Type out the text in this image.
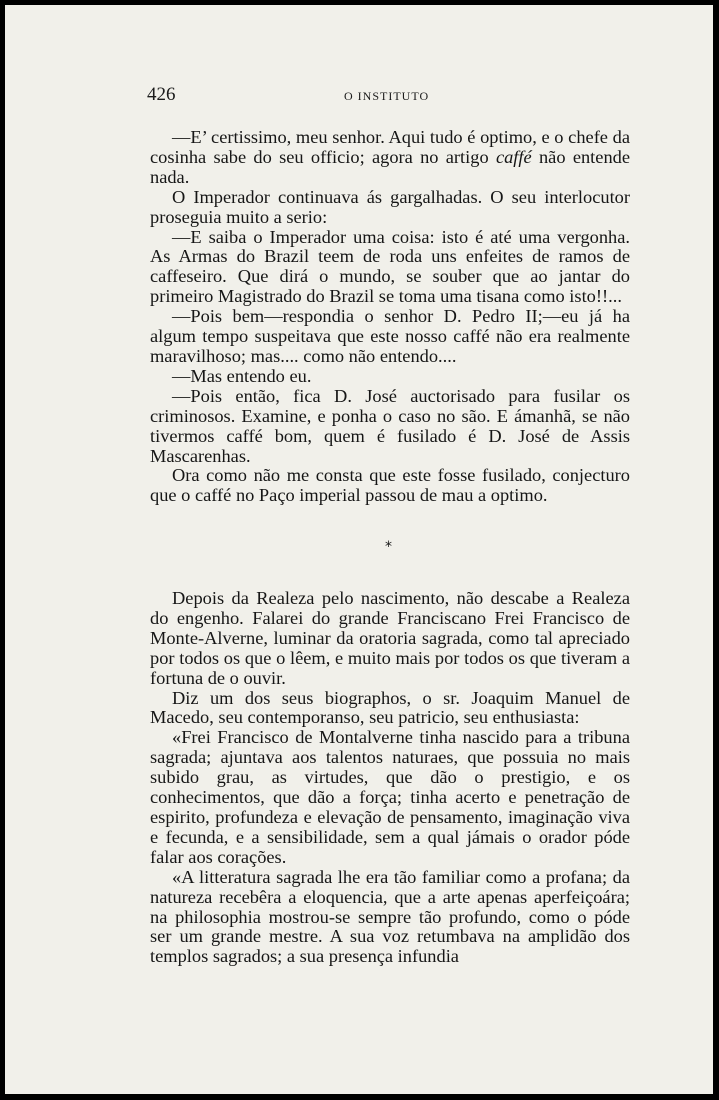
426	O INSTITUTO

—E’ certissimo, meu senhor. Aqui tudo é optimo, e o chefe da cosinha sabe do seu officio; agora no artigo caffé não entende nada.

O Imperador continuava ás gargalhadas. O seu interlocutor proseguia muito a serio:

—E saiba o Imperador uma coisa: isto é até uma vergonha. As Armas do Brazil teem de roda uns enfeites de ramos de caffeseiro. Que dirá o mundo, se souber que ao jantar do primeiro Magistrado do Brazil se toma uma tisana como isto!!...

—Pois bem—respondia o senhor D. Pedro II;—eu já ha algum tempo suspeitava que este nosso caffé não era realmente maravilhoso; mas.... como não entendo....

—Mas entendo eu.

—Pois então, fica D. José auctorisado para fusilar os criminosos. Examine, e ponha o caso no são. E ámanhã, se não tivermos caffé bom, quem é fusilado é D. José de Assis Mascarenhas.

Ora como não me consta que este fosse fusilado, conjecturo que o caffé no Paço imperial passou de mau a optimo.

*

Depois da Realeza pelo nascimento, não descabe a Realeza do engenho. Falarei do grande Franciscano Frei Francisco de Monte-Alverne, luminar da oratoria sagrada, como tal apreciado por todos os que o lêem, e muito mais por todos os que tiveram a fortuna de o ouvir.

Diz um dos seus biographos, o sr. Joaquim Manuel de Macedo, seu contemporanso, seu patricio, seu enthusiasta:

«Frei Francisco de Montalverne tinha nascido para a tribuna sagrada; ajuntava aos talentos naturaes, que possuia no mais subido grau, as virtudes, que dão o prestigio, e os conhecimentos, que dão a força; tinha acerto e penetração de espirito, profundeza e elevação de pensamento, imaginação viva e fecunda, e a sensibilidade, sem a qual jámais o orador póde falar aos corações.

«A litteratura sagrada lhe era tão familiar como a profana; da natureza recebêra a eloquencia, que a arte apenas aperfeiçoára; na philosophia mostrou-se sempre tão profundo, como o póde ser um grande mestre. A sua voz retumbava na amplidão dos templos sagrados; a sua presença infundia
